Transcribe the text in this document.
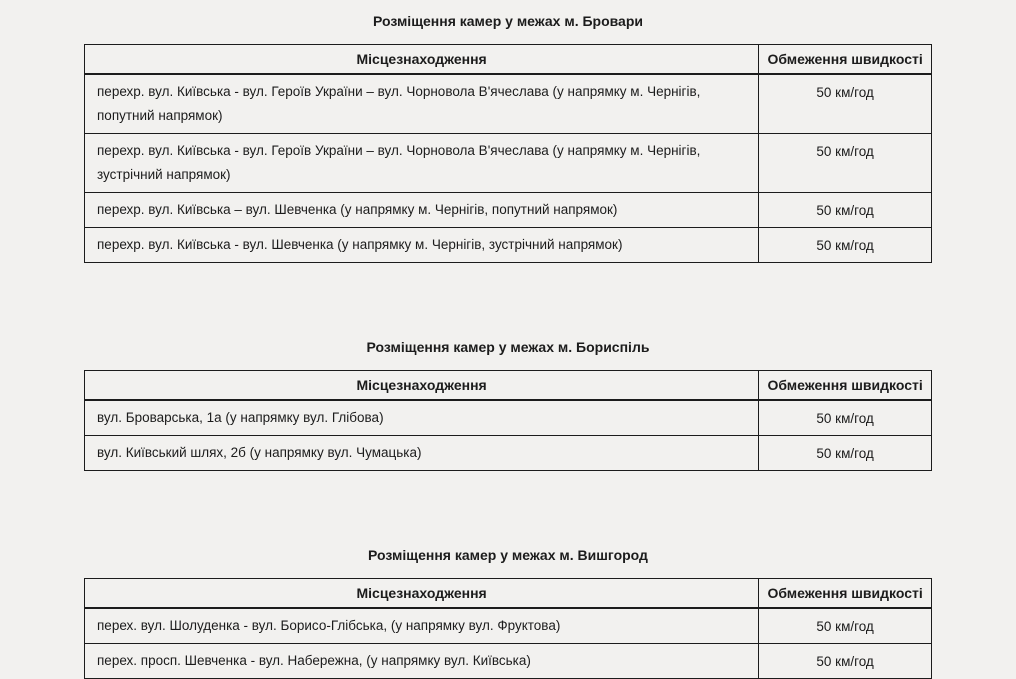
Розміщення камер у межах м. Бровари
Місцезнаходження	Обмеження швидкості
перехр. вул. Київська - вул. Героїв України – вул. Чорновола В'ячеслава (у напрямку м. Чернігів, попутний напрямок)	50 км/год
перехр. вул. Київська - вул. Героїв України – вул. Чорновола В'ячеслава (у напрямку м. Чернігів, зустрічний напрямок)	50 км/год
перехр. вул. Київська – вул. Шевченка (у напрямку м. Чернігів, попутний напрямок)	50 км/год
перехр. вул. Київська - вул. Шевченка (у напрямку м. Чернігів, зустрічний напрямок)	50 км/год
Розміщення камер у межах м. Бориспіль
Місцезнаходження	Обмеження швидкості
вул. Броварська, 1а (у напрямку вул. Глібова)	50 км/год
вул. Київський шлях, 2б (у напрямку вул. Чумацька)	50 км/год
Розміщення камер у межах м. Вишгород
Місцезнаходження	Обмеження швидкості
перех. вул. Шолуденка - вул. Борисо-Глібська, (у напрямку вул. Фруктова)	50 км/год
перех. просп. Шевченка - вул. Набережна, (у напрямку вул. Київська)	50 км/год
